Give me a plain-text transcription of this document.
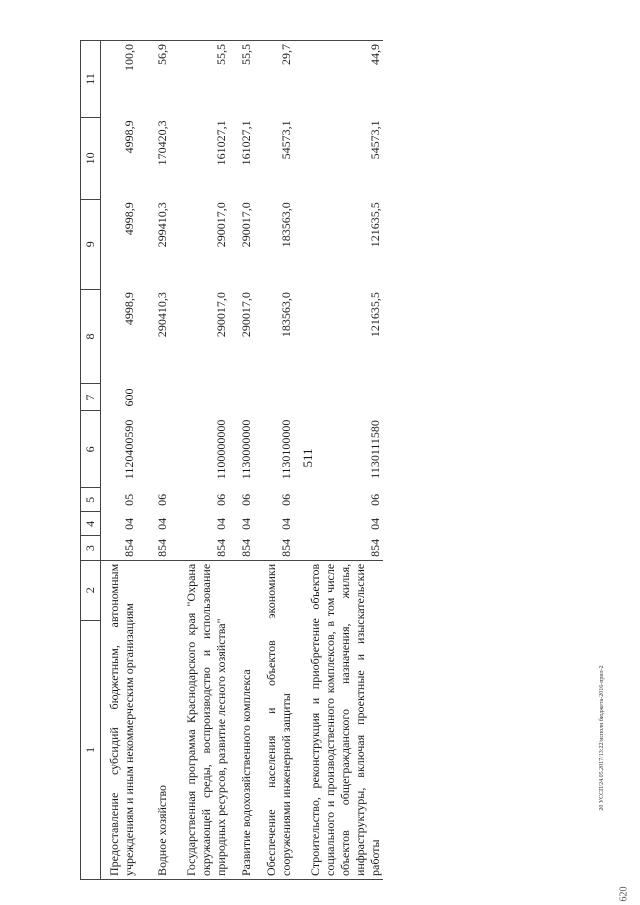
511
20 УССП/24.05.2017/13:22/исполн бюджета-2016-прил-2
620
1	2	3	4	5	6	7	8	9	10	11
Предоставление субсидий бюджетным, автономным учреждениям и иным некоммерческим организациям		854	04	05	1120400590	600	4998,9	4998,9	4998,9	100,0
Водное хозяйство		854	04	06			290410,3	299410,3	170420,3	56,9
Государственная программа Краснодарского края "Охрана окружающей среды, воспроизводство и использование природных ресурсов, развитие лесного хозяйства"		854	04	06	1100000000		290017,0	290017,0	161027,1	55,5
Развитие водохозяйственного комплекса		854	04	06	1130000000		290017,0	290017,0	161027,1	55,5
Обеспечение населения и объектов экономики сооружениями инженерной защиты		854	04	06	1130100000		183563,0	183563,0	54573,1	29,7
Строительство, реконструкция и приобретение объектов социального и производственного комплексов, в том числе объектов общегражданского назначения, жилья, инфраструктуры, включая проектные и изыскательские работы		854	04	06	1130111580		121635,5	121635,5	54573,1	44,9
